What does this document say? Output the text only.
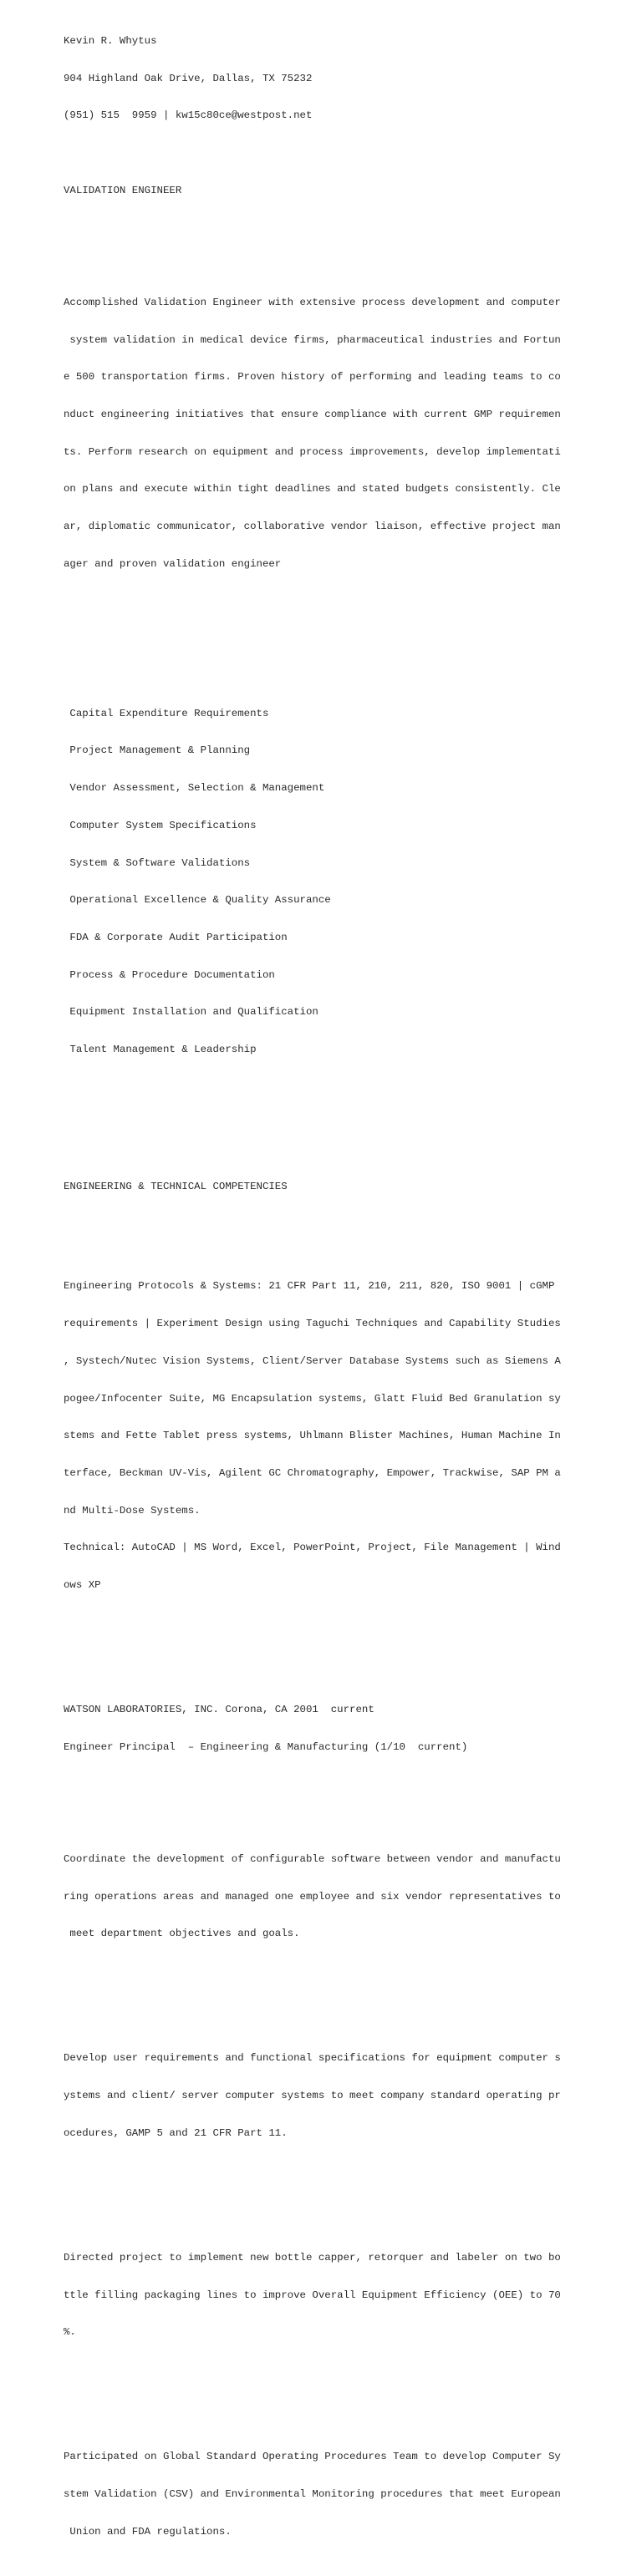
Kevin R. Whytus

904 Highland Oak Drive, Dallas, TX 75232

(951) 515  9959 | kw15c80ce@westpost.net

VALIDATION ENGINEER

Accomplished Validation Engineer with extensive process development and computer

system validation in medical device firms, pharmaceutical industries and Fortun

e 500 transportation firms. Proven history of performing and leading teams to co

nduct engineering initiatives that ensure compliance with current GMP requiremen

ts. Perform research on equipment and process improvements, develop implementati

on plans and execute within tight deadlines and stated budgets consistently. Cle

ar, diplomatic communicator, collaborative vendor liaison, effective project man

ager and proven validation engineer

Capital Expenditure Requirements

Project Management & Planning

Vendor Assessment, Selection & Management

Computer System Specifications

System & Software Validations

Operational Excellence & Quality Assurance

FDA & Corporate Audit Participation

Process & Procedure Documentation

Equipment Installation and Qualification

Talent Management & Leadership

ENGINEERING & TECHNICAL COMPETENCIES

Engineering Protocols & Systems: 21 CFR Part 11, 210, 211, 820, ISO 9001 | cGMP

requirements | Experiment Design using Taguchi Techniques and Capability Studies

, Systech/Nutec Vision Systems, Client/Server Database Systems such as Siemens A

pogee/Infocenter Suite, MG Encapsulation systems, Glatt Fluid Bed Granulation sy

stems and Fette Tablet press systems, Uhlmann Blister Machines, Human Machine In

terface, Beckman UV-Vis, Agilent GC Chromatography, Empower, Trackwise, SAP PM a

nd Multi-Dose Systems.

Technical: AutoCAD | MS Word, Excel, PowerPoint, Project, File Management | Wind

ows XP

WATSON LABORATORIES, INC. Corona, CA 2001  current

Engineer Principal  – Engineering & Manufacturing (1/10  current)

Coordinate the development of configurable software between vendor and manufactu

ring operations areas and managed one employee and six vendor representatives to

meet department objectives and goals.

Develop user requirements and functional specifications for equipment computer s

ystems and client/ server computer systems to meet company standard operating pr

ocedures, GAMP 5 and 21 CFR Part 11.

Directed project to implement new bottle capper, retorquer and labeler on two bo

ttle filling packaging lines to improve Overall Equipment Efficiency (OEE) to 70

%.

Participated on Global Standard Operating Procedures Team to develop Computer Sy

stem Validation (CSV) and Environmental Monitoring procedures that meet European

Union and FDA regulations.
